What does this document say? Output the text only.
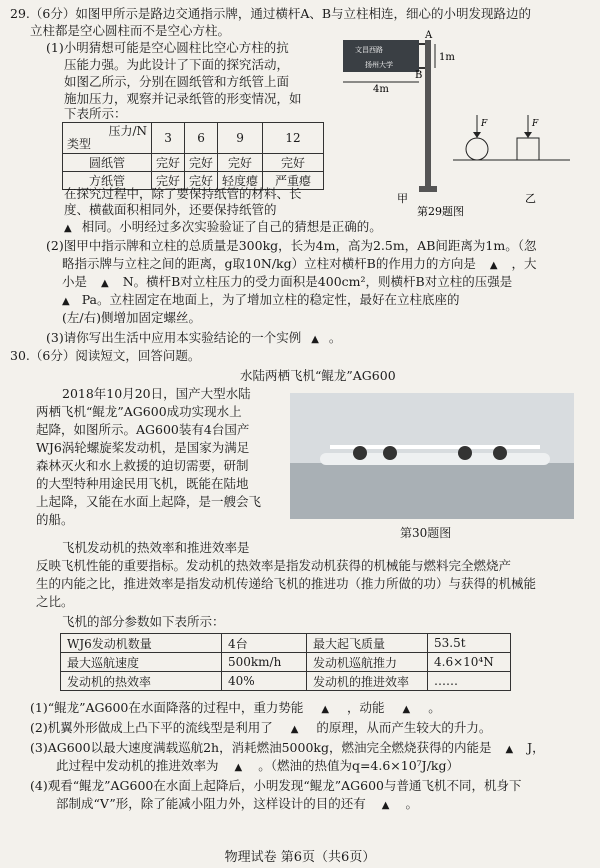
29.（6分）如图甲所示是路边交通指示牌，通过横杆A、B与立柱相连，细心的小明发现路边的
立柱都是空心圆柱而不是空心方柱。
(1)小明猜想可能是空心圆柱比空心方柱的抗
压能力强。为此设计了下面的探究活动，
如图乙所示，分别在圆纸管和方纸管上面
施加压力，观察并记录纸管的形变情况，如
下表所示：
压力/N
类型	3	6	9	12
圆纸管	完好	完好	完好	完好
方纸管	完好	完好	轻度瘪	严重瘪
在探究过程中，除了要保持纸管的材料、长
度、横截面积相同外，还要保持纸管的
▲ 相同。小明经过多次实验验证了自己的猜想是正确的。
(2)图甲中指示牌和立柱的总质量是300kg，长为4m，高为2.5m，AB间距离为1m。（忽
略指示牌与立柱之间的距离，g取10N/kg）立柱对横杆B的作用力的方向是 ▲ ，大
小是 ▲ N。横杆B对立柱压力的受力面积是400cm²，则横杆B对立柱的压强是
▲ Pa。立柱固定在地面上，为了增加立柱的稳定性，最好在立柱底座的
(左/右)侧增加固定螺丝。
(3)请你写出生活中应用本实验结论的一个实例 ▲ 。
文昌西路
扬州大学
A
B
1m
4m
甲
F	F
乙
第29题图
30.（6分）阅读短文，回答问题。
水陆两栖飞机“鲲龙”AG600
2018年10月20日，国产大型水陆
两栖飞机“鲲龙”AG600成功实现水上
起降，如图所示。AG600装有4台国产
WJ6涡轮螺旋桨发动机，是国家为满足
森林灭火和水上救援的迫切需要，研制
的大型特种用途民用飞机，既能在陆地
上起降，又能在水面上起降，是一艘会飞
的船。
第30题图
飞机发动机的热效率和推进效率是
反映飞机性能的重要指标。发动机的热效率是指发动机获得的机械能与燃料完全燃烧产
生的内能之比，推进效率是指发动机传递给飞机的推进功（推力所做的功）与获得的机械能
之比。
飞机的部分参数如下表所示：
WJ6发动机数量	4台	最大起飞质量	53.5t
最大巡航速度	500km/h	发动机巡航推力	4.6×10⁴N
发动机的热效率	40%	发动机的推进效率	……
(1)“鲲龙”AG600在水面降落的过程中，重力势能 ▲ ，动能 ▲ 。
(2)机翼外形做成上凸下平的流线型是利用了 ▲ 的原理，从而产生较大的升力。
(3)AG600以最大速度满载巡航2h，消耗燃油5000kg，燃油完全燃烧获得的内能是 ▲ J，
此过程中发动机的推进效率为 ▲ 。（燃油的热值为q=4.6×10⁷J/kg）
(4)观看“鲲龙”AG600在水面上起降后，小明发现“鲲龙”AG600与普通飞机不同，机身下
部制成“V”形，除了能减小阻力外，这样设计的目的还有 ▲ 。
物理试卷 第6页（共6页）
